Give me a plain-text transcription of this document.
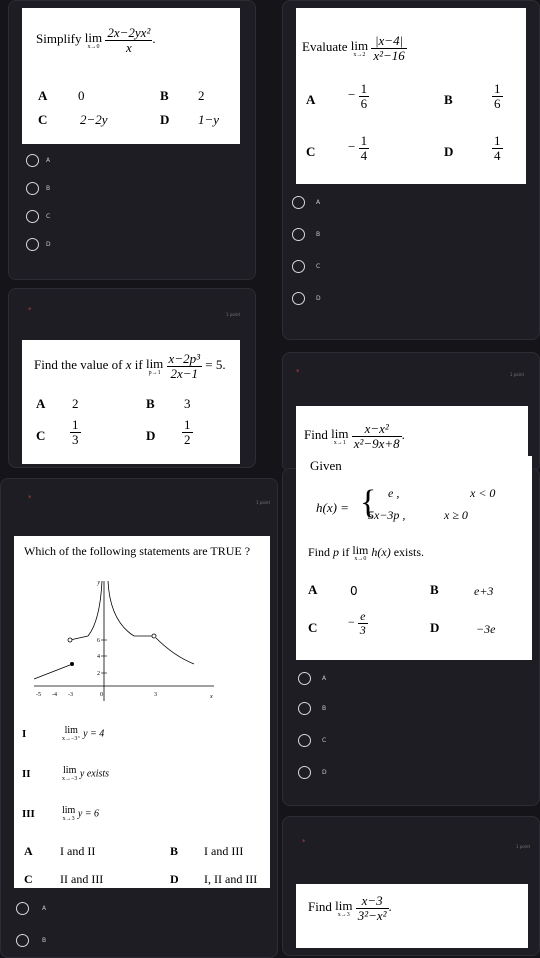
Simplify lim
x→0
$\frac{\text{2x−2yx²}}{x}$ .
A 0	B 2
C	2−2y	D 1−y
A
B
C
D
*
1 point
Find the value of x if lim
p→1
$\frac{\text{x−2p³}}{2x-1} = 5$.
A 2	B 3
C $\frac{1}{3}$	D $\frac{1}{2}$
*
1 point
Which of the following statements are TRUE ?
y
x
2
4
6
-5 -4 -3	0	3
I	lim
x→−3⁺ y = 4
II	lim
x→−3 y exists
III	lim
x→3 y = 6
A I and II	B I and III
C II and III	D I, II and III
A
B
Evaluate lim
x→2
$\frac{|x-4|}{\text{x²−16}}$
A	− $\frac{1}{6}$	B	$\frac{1}{6}$
C	− $\frac{1}{4}$	D	$\frac{1}{4}$
A
B
C
D
*	1 point
Find lim
x→1
$\frac{\text{x−x²}}{\text{x²−9x+8}}$ .
Given
h(x) = { e ,	x < 0
5x−3p ,	x ≥ 0
Find p if lim
x→0
h(x) exists.
A	0	B	e+3
C	− $\frac{e}{3}$	D	−3e
A
B
C
D
*
1 point
Find lim
x→3
$\frac{x-3}{\text{3²−x²}}$ .
